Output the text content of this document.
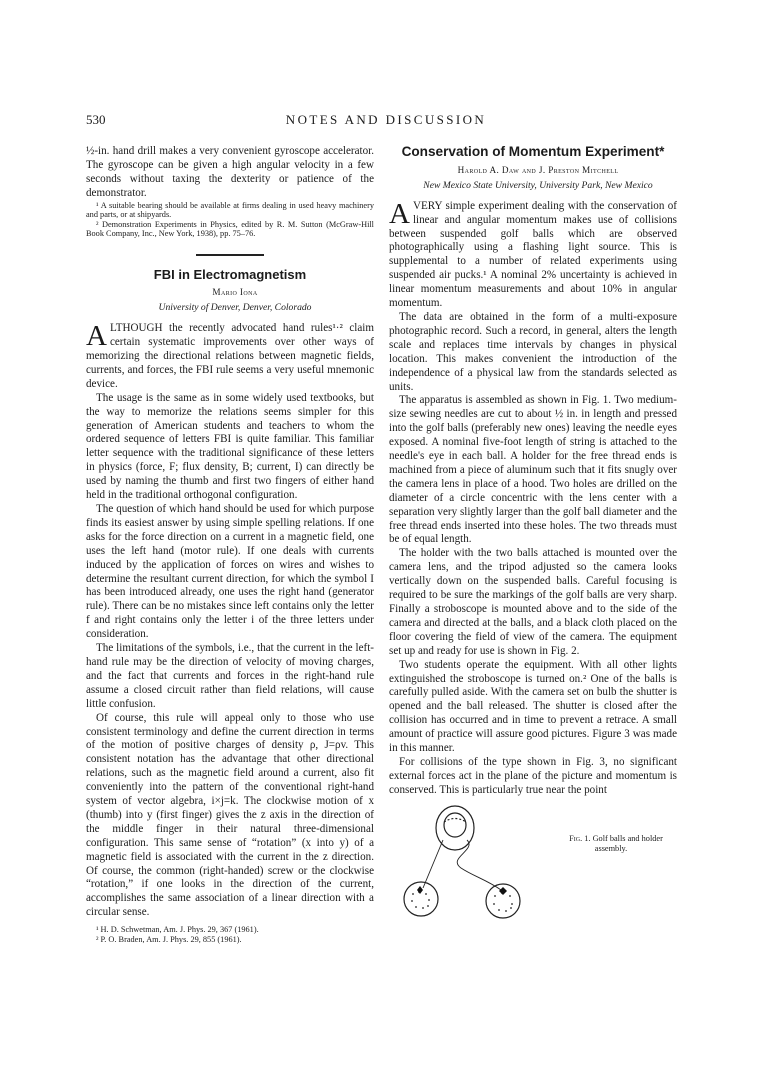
530	NOTES AND DISCUSSION

½-in. hand drill makes a very convenient gyroscope accelerator. The gyroscope can be given a high angular velocity in a few seconds without taxing the dexterity or patience of the demonstrator.

¹ A suitable bearing should be available at firms dealing in used heavy machinery and parts, or at shipyards.

² Demonstration Experiments in Physics, edited by R. M. Sutton (McGraw-Hill Book Company, Inc., New York, 1938), pp. 75–76.

FBI in Electromagnetism

Mario Iona

University of Denver, Denver, Colorado

ALTHOUGH the recently advocated hand rules¹·² claim certain systematic improvements over other ways of memorizing the directional relations between magnetic fields, currents, and forces, the FBI rule seems a very useful mnemonic device.

The usage is the same as in some widely used textbooks, but the way to memorize the relations seems simpler for this generation of American students and teachers to whom the ordered sequence of letters FBI is quite familiar. This familiar letter sequence with the traditional significance of these letters in physics (force, F; flux density, B; current, I) can directly be used by naming the thumb and first two fingers of either hand held in the traditional orthogonal configuration.

The question of which hand should be used for which purpose finds its easiest answer by using simple spelling relations. If one asks for the force direction on a current in a magnetic field, one uses the left hand (motor rule). If one deals with currents induced by the application of forces on wires and wishes to determine the resultant current direction, for which the symbol I has been introduced already, one uses the right hand (generator rule). There can be no mistakes since left contains only the letter f and right contains only the letter i of the three letters under consideration.

The limitations of the symbols, i.e., that the current in the left-hand rule may be the direction of velocity of moving charges, and the fact that currents and forces in the right-hand rule assume a closed circuit rather than field relations, will cause little confusion.

Of course, this rule will appeal only to those who use consistent terminology and define the current direction in terms of the motion of positive charges of density ρ, J=ρv. This consistent notation has the advantage that other directional relations, such as the magnetic field around a current, also fit conveniently into the pattern of the conventional right-hand system of vector algebra, i×j=k. The clockwise motion of x (thumb) into y (first finger) gives the z axis in the direction of the middle finger in their natural three-dimensional configuration. This same sense of “rotation” (x into y) of a magnetic field is associated with the current in the z direction. Of course, the common (right-handed) screw or the clockwise “rotation,” if one looks in the direction of the current, accomplishes the same association of a linear direction with a circular sense.

¹ H. D. Schwetman, Am. J. Phys. 29, 367 (1961).

² P. O. Braden, Am. J. Phys. 29, 855 (1961).

Conservation of Momentum Experiment*

Harold A. Daw and J. Preston Mitchell

New Mexico State University, University Park, New Mexico

AVERY simple experiment dealing with the conservation of linear and angular momentum makes use of collisions between suspended golf balls which are observed photographically using a flashing light source. This is supplemental to a number of related experiments using suspended air pucks.¹ A nominal 2% uncertainty is achieved in linear momentum measurements and about 10% in angular momentum.

The data are obtained in the form of a multi-exposure photographic record. Such a record, in general, alters the length scale and replaces time intervals by changes in physical location. This makes convenient the introduction of the independence of a physical law from the standards selected as units.

The apparatus is assembled as shown in Fig. 1. Two medium-size sewing needles are cut to about ½ in. in length and pressed into the golf balls (preferably new ones) leaving the needle eyes exposed. A nominal five-foot length of string is attached to the needle's eye in each ball. A holder for the free thread ends is machined from a piece of aluminum such that it fits snugly over the camera lens in place of a hood. Two holes are drilled on the diameter of a circle concentric with the lens center with a separation very slightly larger than the golf ball diameter and the free thread ends inserted into these holes. The two threads must be of equal length.

The holder with the two balls attached is mounted over the camera lens, and the tripod adjusted so the camera looks vertically down on the suspended balls. Careful focusing is required to be sure the markings of the golf balls are very sharp. Finally a stroboscope is mounted above and to the side of the camera and directed at the balls, and a black cloth placed on the floor covering the field of view of the camera. The equipment set up and ready for use is shown in Fig. 2.

Two students operate the equipment. With all other lights extinguished the stroboscope is turned on.² One of the balls is carefully pulled aside. With the camera set on bulb the shutter is opened and the ball released. The shutter is closed after the collision has occurred and in time to prevent a retrace. A small amount of practice will assure good pictures. Figure 3 was made in this manner.

For collisions of the type shown in Fig. 3, no significant external forces act in the plane of the picture and momentum is conserved. This is particularly true near the point

Fig. 1. Golf balls and holder assembly.
